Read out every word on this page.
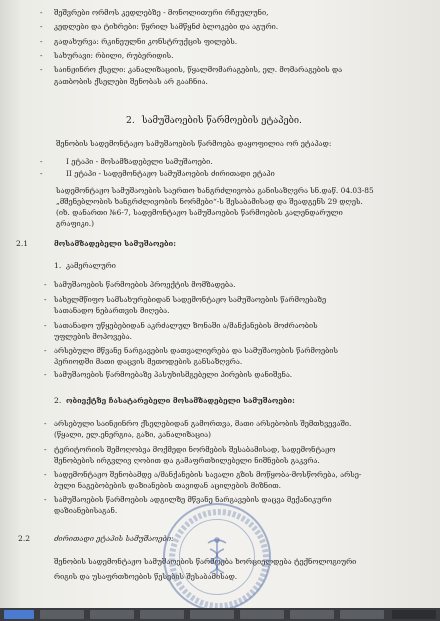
- შეშვრები ორმოს კედლებზე - მონოლითური რჩეულუნი,
- კედლები და ტიხრები: წყრილ სამწყნძ ბლოკები და აგური.
- გადახურვა: რკინეულნი კონსტრუქცის ფილებს.
- სახურავი: რბილი, რუბერიდის.
- საინჟინრო ქსელი: კანალიზაციის, წყალმომარაგების, ელ. მომარაგების და
გათბობის ქსელები შენობას არ გააჩნია.
2. სამუშაოების წარმოების ეტაპები.
შენობის სადემონტაჟო სამუშაოების წარმოება დაყოფილია ორ ეტაპად:
-	I ეტაპი - მოსამზადებელი სამუშაოები.
-	II ეტაპი - სადემონტაჟო სამუშაოების ძირითადი ეტაპი
სადემონტაჟო სამუშაოების საერთო ხანგრძლივობა განისაზღვრა სნ.დაწ. 04.03-85
„მშენებლობის ხანგრძლივობის ნორმები“-ს შესაბამისად და შეადგენს 29 დღეს.
(იხ. დანართი №6-7, სადემონტაჟო სამუშაოების წარმოების კალენდარული
გრაფიკი.)
2.1	მოსამზადებელი სამუშაოები:
1. კამერალური
- სამუშაოების წარმოების პროექტის მომზადება.
- სახელმწიფო სამსახურებიდან სადემონტაჟო სამუშაოების წარმოებაზე
სათანადო ნებართვის მიღება.
- სათანადო უწყებებიდან აკრძალულ ზონაში ა/მანქანების მოძრაობის
უფლების მოპოვება.
- არსებული მწვანე ნარგავების დათვალიერება და სამუშაოების წარმოების
პერიოდში მათი დაცვის მეთოდების განსაზღვრა.
- სამუშაოების წარმოებაზე პასუხისმგებელი პირების დანიშვნა.
2. ობიექტზე ჩასატარებელი მოსამზადებელი სამუშაოები:
- არსებული საინჟინრო ქსელებიდან გამორთვა, მათი არსებობის შემთხვევაში.
(წყალი, ელ.ენერგია, გაზი, კანალიზაცია)
- ტერიტორიის შემოღობვა მოქმედი ნორმების შესაბამისად, სადემონტაჟო
შენობების ირგვლივ ღობით და გამაფრთხილებელი ნიშნების გაკვრა.
- სადემონტაჟო შენობამდე ა/მანქანების სავალი გზის მოწყობა-მოსწორება, არსე-
ბული ნაგებობების დაზიანების თავიდან აცილების მიზნით.
- სამუშაოების წარმოების ადგილზე მწვანე ნარგავების დაცვა მექანიკური
დაზიანებისაგან.
2.2	ძირითადი ეტაპის სამუშაოები:
შენობის სადემონტაჟო სამუშაოების წარმოება ხორციელდება ტექნოლოგიური
რიგის და უსაფრთხოების წესების შესაბამისად.
